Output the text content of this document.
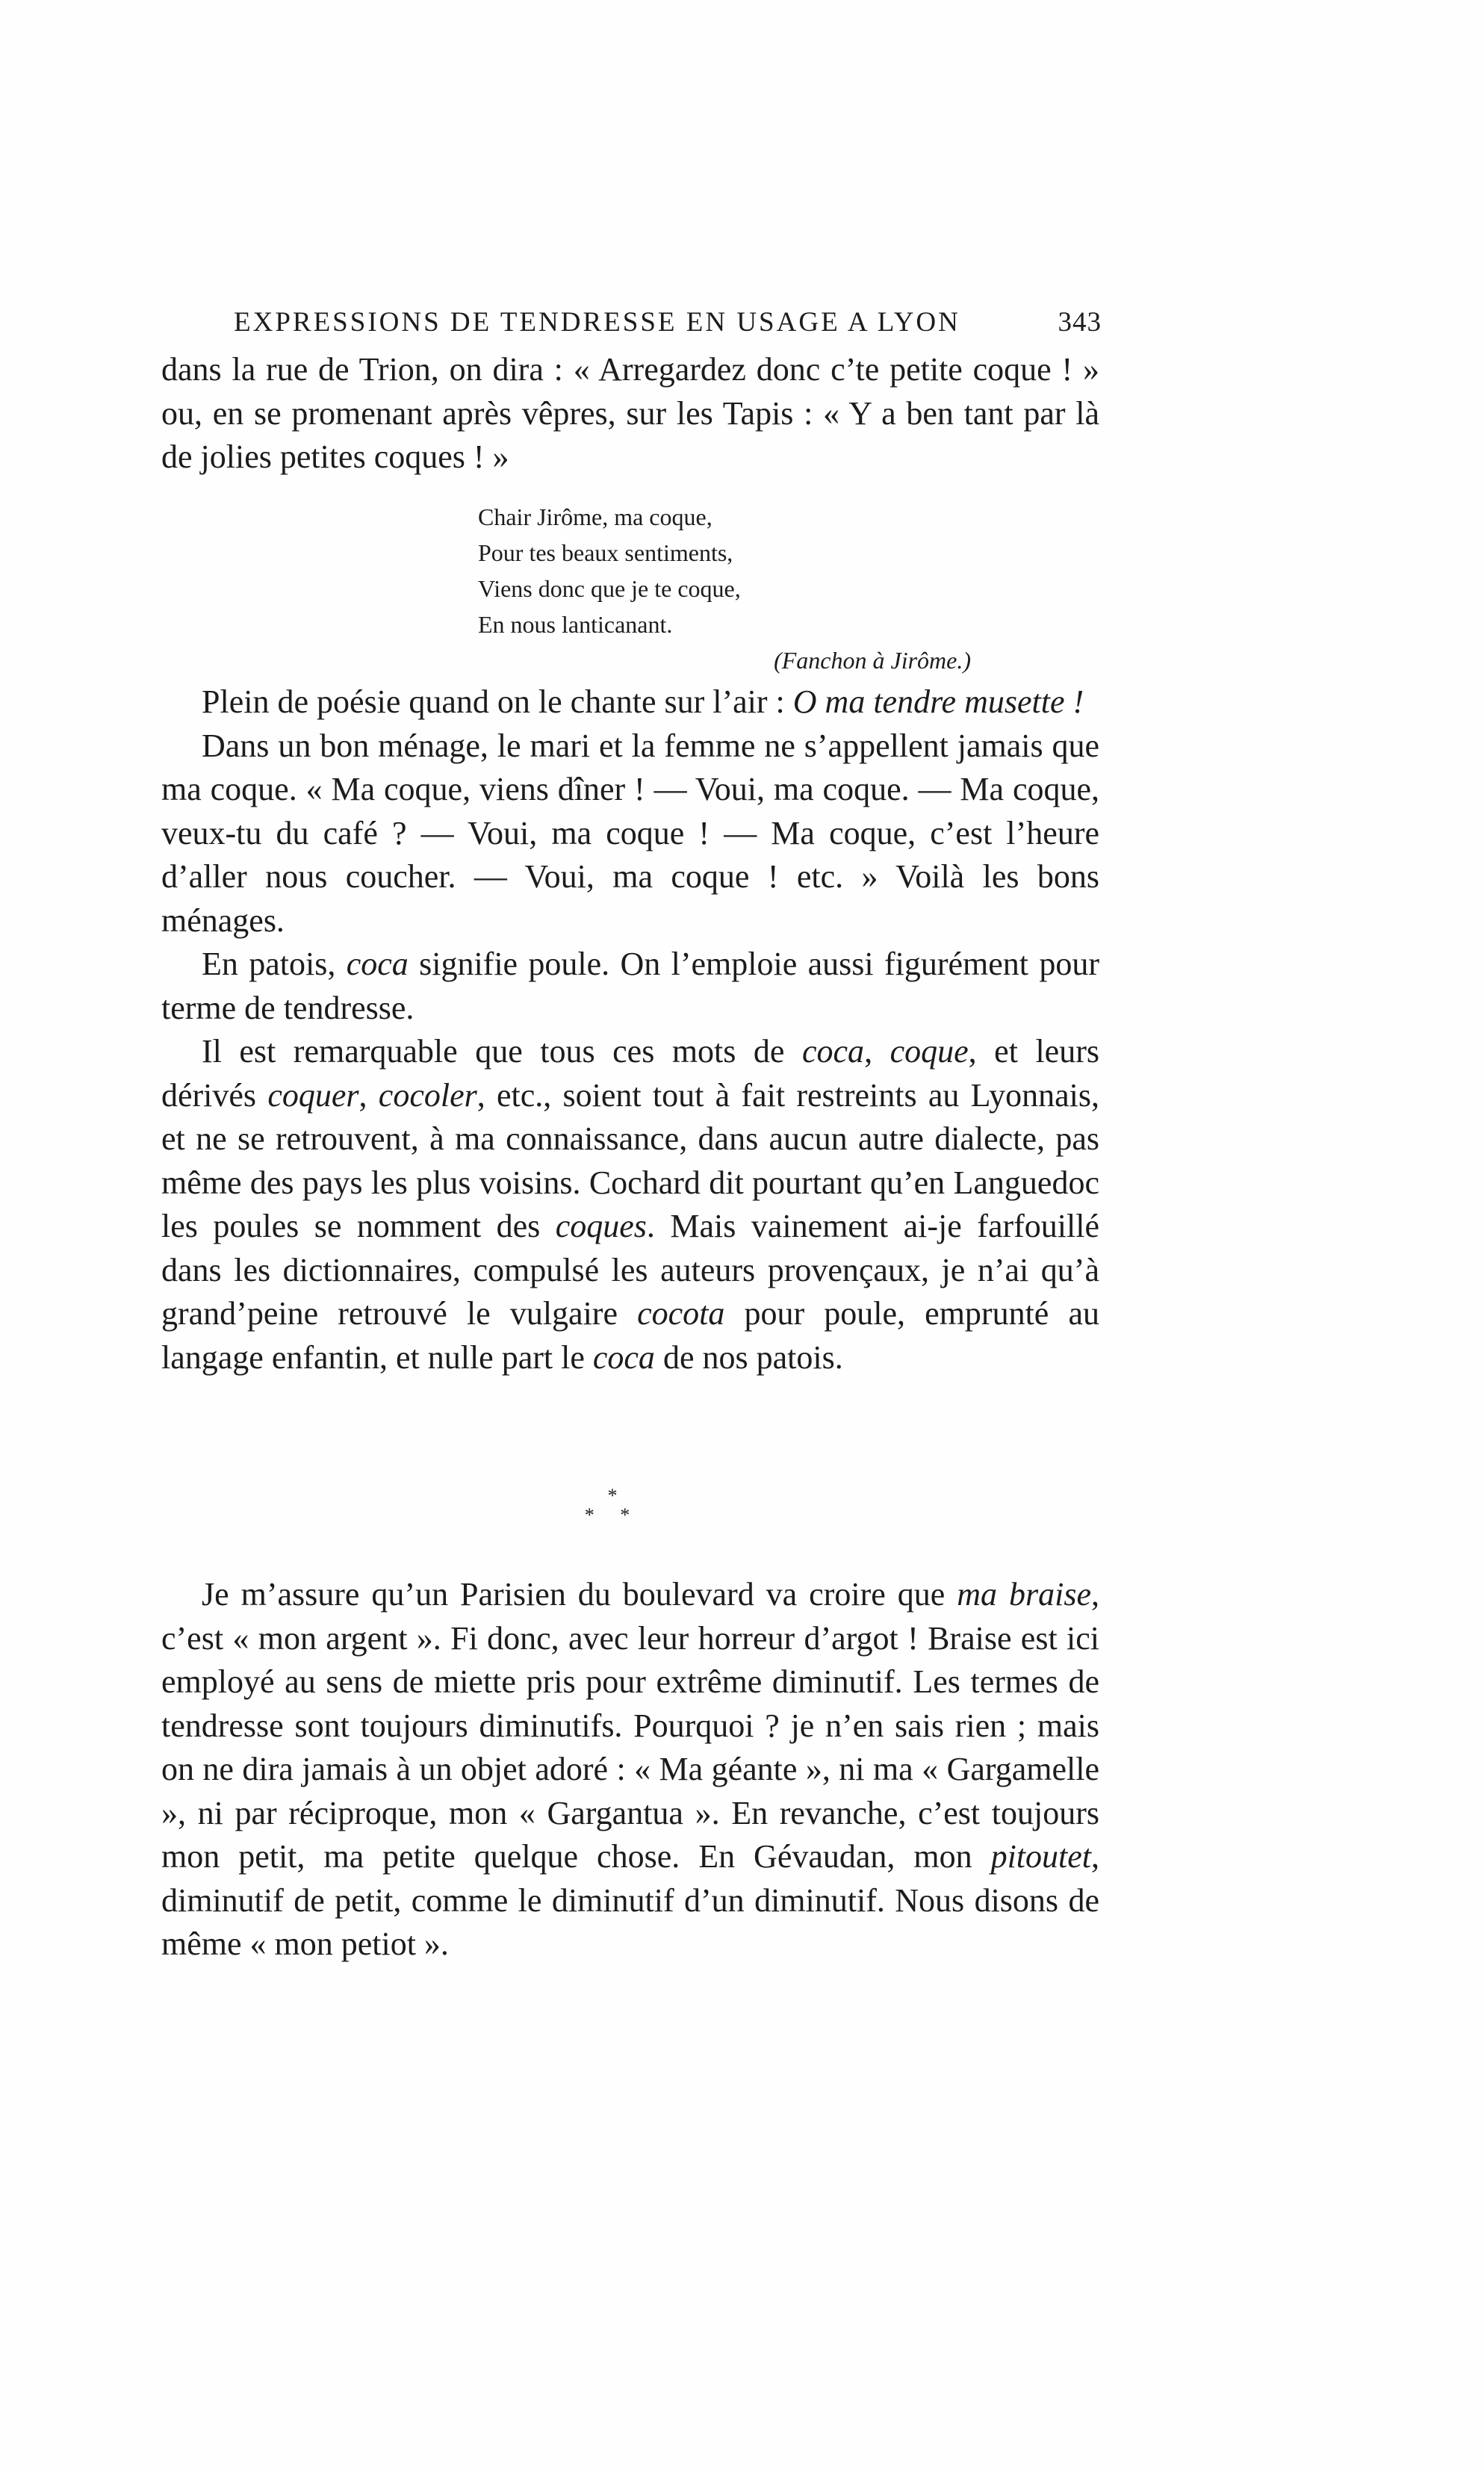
EXPRESSIONS DE TENDRESSE EN USAGE A LYON	343

dans la rue de Trion, on dira : « Arregardez donc c’te petite coque ! » ou, en se promenant après vêpres, sur les Tapis : « Y a ben tant par là de jolies petites coques ! »

Chair Jirôme, ma coque,
Pour tes beaux sentiments,
Viens donc que je te coque,
En nous lanticanant.
(Fanchon à Jirôme.)

Plein de poésie quand on le chante sur l’air : O ma tendre musette !

Dans un bon ménage, le mari et la femme ne s’appellent jamais que ma coque. « Ma coque, viens dîner ! — Voui, ma coque. — Ma coque, veux-tu du café ? — Voui, ma coque ! — Ma coque, c’est l’heure d’aller nous coucher. — Voui, ma coque ! etc. » Voilà les bons ménages.

En patois, coca signifie poule. On l’emploie aussi figurément pour terme de tendresse.

Il est remarquable que tous ces mots de coca, coque, et leurs dérivés coquer, cocoler, etc., soient tout à fait restreints au Lyonnais, et ne se retrouvent, à ma connaissance, dans aucun autre dialecte, pas même des pays les plus voisins. Cochard dit pourtant qu’en Languedoc les poules se nomment des coques. Mais vainement ai-je farfouillé dans les dictionnaires, compulsé les auteurs provençaux, je n’ai qu’à grand’peine retrouvé le vulgaire cocota pour poule, emprunté au langage enfantin, et nulle part le coca de nos patois.

*
* *

Je m’assure qu’un Parisien du boulevard va croire que ma braise, c’est « mon argent ». Fi donc, avec leur horreur d’argot ! Braise est ici employé au sens de miette pris pour extrême diminutif. Les termes de tendresse sont toujours diminutifs. Pourquoi ? je n’en sais rien ; mais on ne dira jamais à un objet adoré : « Ma géante », ni ma « Gargamelle », ni par réciproque, mon « Gargantua ». En revanche, c’est toujours mon petit, ma petite quelque chose. En Gévaudan, mon pitoutet, diminutif de petit, comme le diminutif d’un diminutif. Nous disons de même « mon petiot ».
